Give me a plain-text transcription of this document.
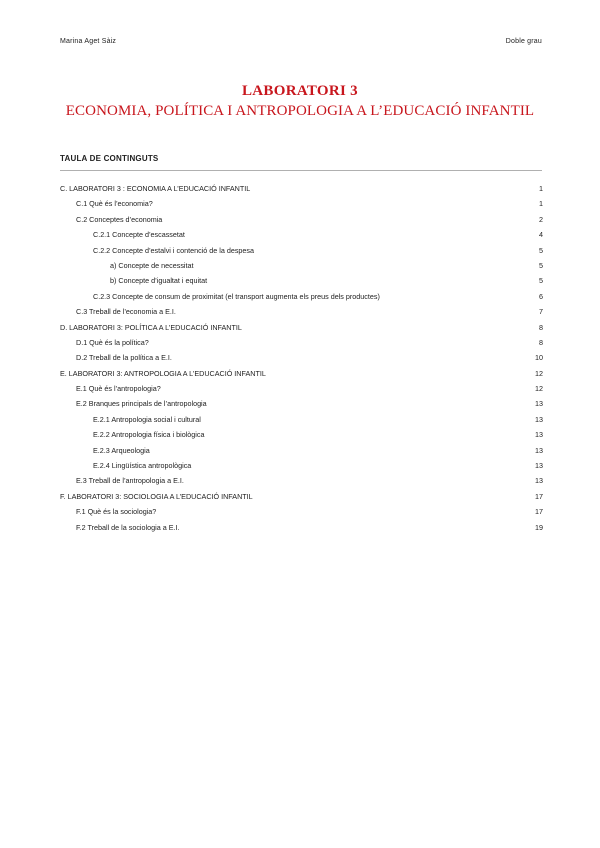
Marina Aget Sàiz	Doble grau
LABORATORI 3
ECONOMIA, POLÍTICA I ANTROPOLOGIA A L’EDUCACIÓ INFANTIL
TAULA DE CONTINGUTS
C. LABORATORI 3 : ECONOMIA A L’EDUCACIÓ INFANTIL	1
C.1 Què és l’economia?	1
C.2 Conceptes d’economia	2
C.2.1 Concepte d’escassetat	4
C.2.2 Concepte d’estalvi i contenció de la despesa	5
a) Concepte de necessitat	5
b) Concepte d’igualtat i equitat	5
C.2.3 Concepte de consum de proximitat (el transport augmenta els preus dels productes)	6
C.3 Treball de l’economia a E.I.	7
D. LABORATORI 3: POLÍTICA A L’EDUCACIÓ INFANTIL	8
D.1 Què és la política?	8
D.2 Treball de la política a E.I.	10
E. LABORATORI 3: ANTROPOLOGIA A L’EDUCACIÓ INFANTIL	12
E.1 Què és l’antropologia?	12
E.2 Branques principals de l’antropologia	13
E.2.1 Antropologia social i cultural	13
E.2.2 Antropologia física i biològica	13
E.2.3 Arqueologia	13
E.2.4 Lingüística antropològica	13
E.3 Treball de l’antropologia a E.I.	13
F. LABORATORI 3: SOCIOLOGIA A L’EDUCACIÓ INFANTIL	17
F.1 Què és la sociologia?	17
F.2 Treball de la sociologia a E.I.	19
